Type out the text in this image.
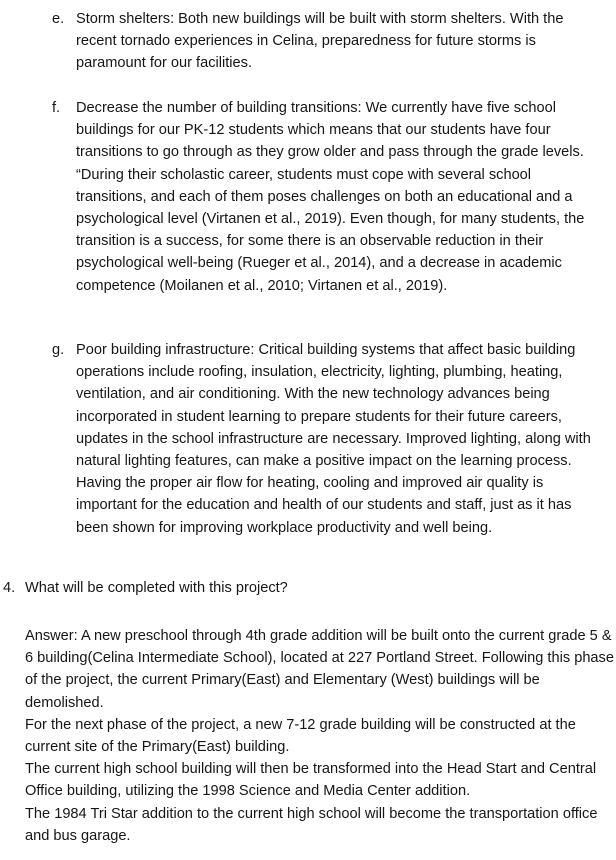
e. Storm shelters: Both new buildings will be built with storm shelters. With the recent tornado experiences in Celina, preparedness for future storms is paramount for our facilities.
f.	Decrease the number of building transitions: We currently have five school buildings for our PK-12 students which means that our students have four transitions to go through as they grow older and pass through the grade levels. “During their scholastic career, students must cope with several school transitions, and each of them poses challenges on both an educational and a psychological level (Virtanen et al., 2019). Even though, for many students, the transition is a success, for some there is an observable reduction in their psychological well-being (Rueger et al., 2014), and a decrease in academic competence (Moilanen et al., 2010; Virtanen et al., 2019).
g. Poor building infrastructure: Critical building systems that affect basic building operations include roofing, insulation, electricity, lighting, plumbing, heating, ventilation, and air conditioning. With the new technology advances being incorporated in student learning to prepare students for their future careers, updates in the school infrastructure are necessary. Improved lighting, along with natural lighting features, can make a positive impact on the learning process. Having the proper air flow for heating, cooling and improved air quality is important for the education and health of our students and staff, just as it has been shown for improving workplace productivity and well being.
4. What will be completed with this project?

Answer: A new preschool through 4th grade addition will be built onto the current grade 5 & 6 building(Celina Intermediate School), located at 227 Portland Street. Following this phase of the project, the current Primary(East) and Elementary (West) buildings will be demolished.

For the next phase of the project, a new 7-12 grade building will be constructed at the current site of the Primary(East) building.

The current high school building will then be transformed into the Head Start and Central Office building, utilizing the 1998 Science and Media Center addition.

The 1984 Tri Star addition to the current high school will become the transportation office and bus garage.
